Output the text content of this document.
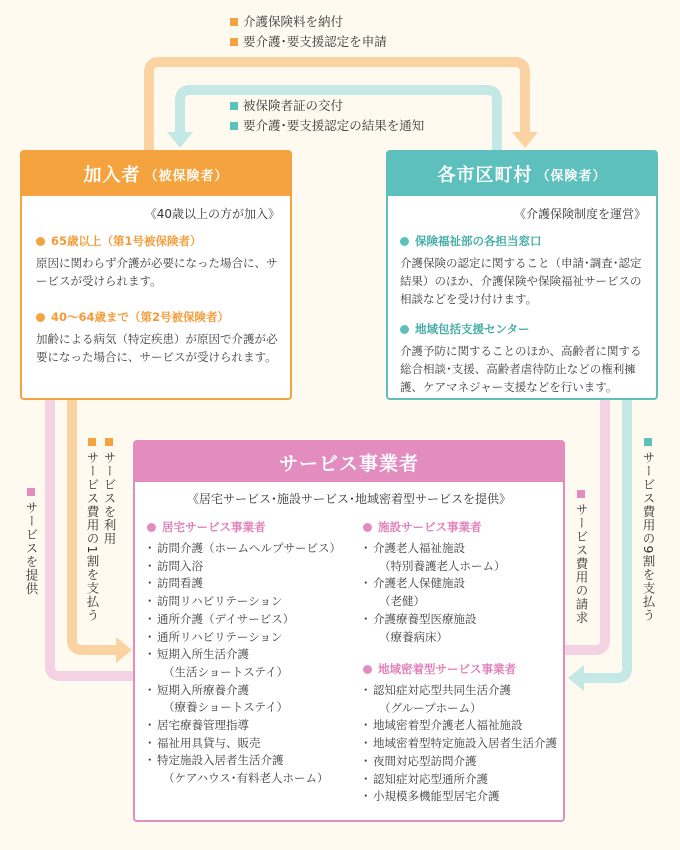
介護保険料を納付
要介護･要支援認定を申請
被保険者証の交付
要介護･要支援認定の結果を通知
加入者 （被保険者）
《40歳以上の方が加入》
65歳以上（第1号被保険者）
原因に関わらず介護が必要になった場合に、サービスが受けられます。
40～64歳まで（第2号被保険者）
加齢による病気（特定疾患）が原因で介護が必要になった場合に、サービスが受けられます。
各市区町村 （保険者）
《介護保険制度を運営》
保険福祉部の各担当窓口
介護保険の認定に関すること（申請･調査･認定結果）のほか、介護保険や保険福祉サービスの相談などを受け付けます。
地域包括支援センター
介護予防に関することのほか、高齢者に関する総合相談･支援、高齢者虐待防止などの権利擁護、ケアマネジャー支援などを行います。
サービス事業者
《居宅サービス･施設サービス･地域密着型サービスを提供》
居宅サービス事業者
・ 訪問介護（ホームヘルプサービス）
・ 訪問入浴
・ 訪問看護
・ 訪問リハビリテーション
・ 通所介護（デイサービス）
・ 通所リハビリテーション
・ 短期入所生活介護
（生活ショートステイ）
・ 短期入所療養介護
（療養ショートステイ）
・ 居宅療養管理指導
・ 福祉用具貸与、販売
・ 特定施設入居者生活介護
（ケアハウス･有料老人ホーム）
施設サービス事業者
・ 介護老人福祉施設
（特別養護老人ホーム）
・ 介護老人保健施設
（老健）
・ 介護療養型医療施設
（療養病床）
地域密着型サービス事業者
・ 認知症対応型共同生活介護
（グループホーム）
・ 地域密着型介護老人福祉施設
・ 地域密着型特定施設入居者生活介護
・ 夜間対応型訪問介護
・ 認知症対応型通所介護
・ 小規模多機能型居宅介護
サービスを提供
サービスを利用
サービス費用の1割を支払う	サービス費用の請求	サービス費用の9割を支払う
